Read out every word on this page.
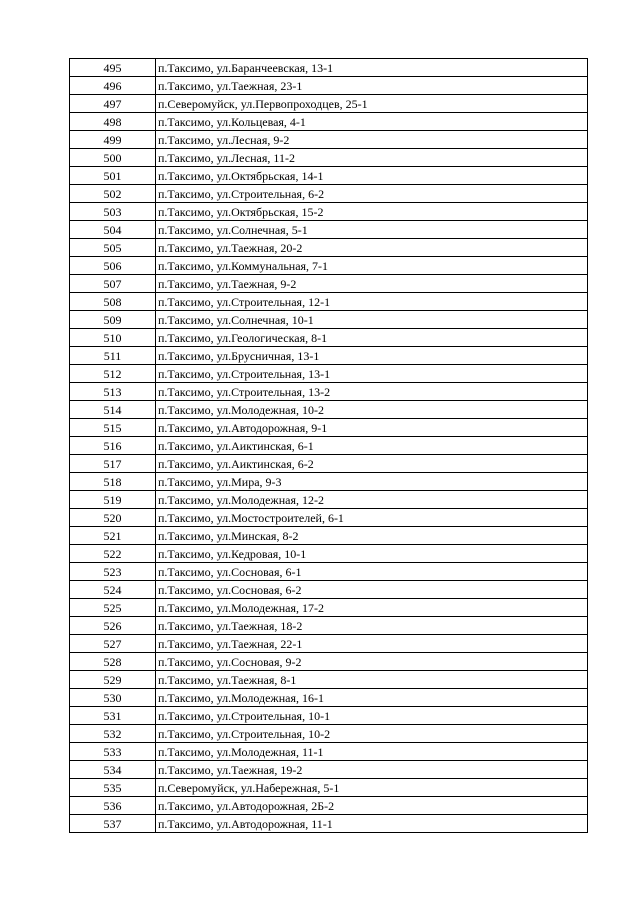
495	п.Таксимо, ул.Баранчеевская, 13-1
496	п.Таксимо, ул.Таежная, 23-1
497	п.Северомуйск, ул.Первопроходцев, 25-1
498	п.Таксимо, ул.Кольцевая, 4-1
499	п.Таксимо, ул.Лесная, 9-2
500	п.Таксимо, ул.Лесная, 11-2
501	п.Таксимо, ул.Октябрьская, 14-1
502	п.Таксимо, ул.Строительная, 6-2
503	п.Таксимо, ул.Октябрьская, 15-2
504	п.Таксимо, ул.Солнечная, 5-1
505	п.Таксимо, ул.Таежная, 20-2
506	п.Таксимо, ул.Коммунальная, 7-1
507	п.Таксимо, ул.Таежная, 9-2
508	п.Таксимо, ул.Строительная, 12-1
509	п.Таксимо, ул.Солнечная, 10-1
510	п.Таксимо, ул.Геологическая, 8-1
511	п.Таксимо, ул.Брусничная, 13-1
512	п.Таксимо, ул.Строительная, 13-1
513	п.Таксимо, ул.Строительная, 13-2
514	п.Таксимо, ул.Молодежная, 10-2
515	п.Таксимо, ул.Автодорожная, 9-1
516	п.Таксимо, ул.Аиктинская, 6-1
517	п.Таксимо, ул.Аиктинская, 6-2
518	п.Таксимо, ул.Мира, 9-3
519	п.Таксимо, ул.Молодежная, 12-2
520	п.Таксимо, ул.Мостостроителей, 6-1
521	п.Таксимо, ул.Минская, 8-2
522	п.Таксимо, ул.Кедровая, 10-1
523	п.Таксимо, ул.Сосновая, 6-1
524	п.Таксимо, ул.Сосновая, 6-2
525	п.Таксимо, ул.Молодежная, 17-2
526	п.Таксимо, ул.Таежная, 18-2
527	п.Таксимо, ул.Таежная, 22-1
528	п.Таксимо, ул.Сосновая, 9-2
529	п.Таксимо, ул.Таежная, 8-1
530	п.Таксимо, ул.Молодежная, 16-1
531	п.Таксимо, ул.Строительная, 10-1
532	п.Таксимо, ул.Строительная, 10-2
533	п.Таксимо, ул.Молодежная, 11-1
534	п.Таксимо, ул.Таежная, 19-2
535	п.Северомуйск, ул.Набережная, 5-1
536	п.Таксимо, ул.Автодорожная, 2Б-2
537	п.Таксимо, ул.Автодорожная, 11-1
